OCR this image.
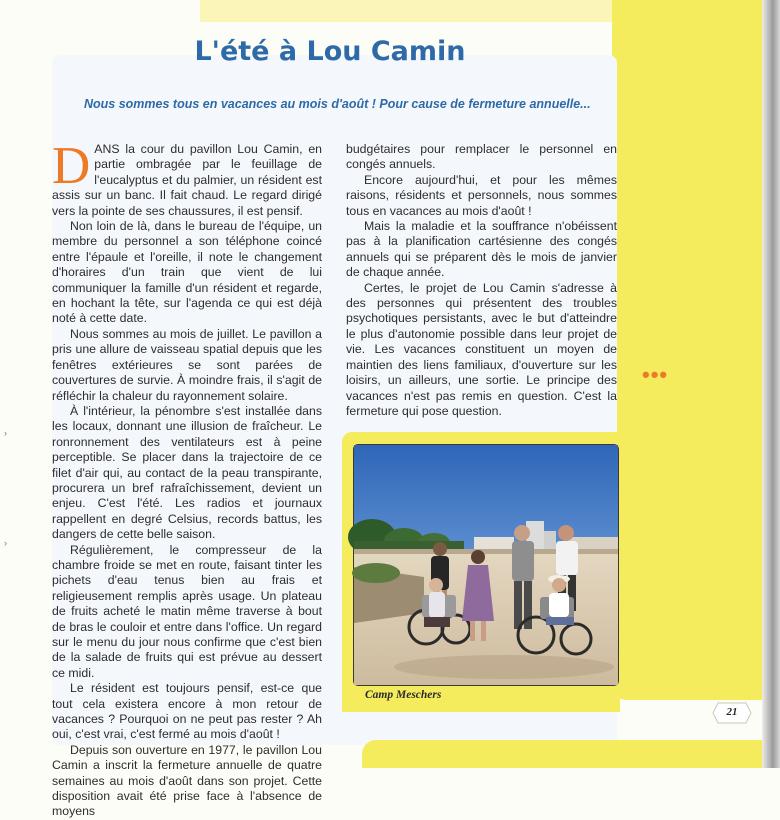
›
›
L'été à Lou Camin
Nous sommes tous en vacances au mois d'août ! Pour cause de fermeture annuelle...

DANS la cour du pavillon Lou Camin, en partie ombragée par le feuillage de l'eucalyptus et du palmier, un résident est assis sur un banc. Il fait chaud. Le regard dirigé vers la pointe de ses chaussures, il est pensif.

Non loin de là, dans le bureau de l'équipe, un membre du personnel a son téléphone coincé entre l'épaule et l'oreille, il note le changement d'horaires d'un train que vient de lui communiquer la famille d'un résident et regarde, en hochant la tête, sur l'agenda ce qui est déjà noté à cette date.

Nous sommes au mois de juillet. Le pavillon a pris une allure de vaisseau spatial depuis que les fenêtres extérieures se sont parées de couvertures de survie. À moindre frais, il s'agit de réfléchir la chaleur du rayonnement solaire.

À l'intérieur, la pénombre s'est installée dans les locaux, donnant une illusion de fraîcheur. Le ronronnement des ventilateurs est à peine perceptible. Se placer dans la trajectoire de ce filet d'air qui, au contact de la peau transpirante, procurera un bref rafraîchissement, devient un enjeu. C'est l'été. Les radios et journaux rappellent en degré Celsius, records battus, les dangers de cette belle saison.

Régulièrement, le compresseur de la chambre froide se met en route, faisant tinter les pichets d'eau tenus bien au frais et religieusement remplis après usage. Un plateau de fruits acheté le matin même traverse à bout de bras le couloir et entre dans l'office. Un regard sur le menu du jour nous confirme que c'est bien de la salade de fruits qui est prévue au dessert ce midi.

Le résident est toujours pensif, est-ce que tout cela existera encore à mon retour de vacances ? Pourquoi on ne peut pas rester ? Ah oui, c'est vrai, c'est fermé au mois d'août !

Depuis son ouverture en 1977, le pavillon Lou Camin a inscrit la fermeture annuelle de quatre semaines au mois d'août dans son projet. Cette disposition avait été prise face à l'absence de moyens

budgétaires pour remplacer le personnel en congés annuels.

Encore aujourd'hui, et pour les mêmes raisons, résidents et personnels, nous sommes tous en vacances au mois d'août !

Mais la maladie et la souffrance n'obéissent pas à la planification cartésienne des congés annuels qui se préparent dès le mois de janvier de chaque année.

Certes, le projet de Lou Camin s'adresse à des personnes qui présentent des troubles psychotiques persistants, avec le but d'atteindre le plus d'autonomie possible dans leur projet de vie. Les vacances constituent un moyen de maintien des liens familiaux, d'ouverture sur les loisirs, un ailleurs, une sortie. Le principe des vacances n'est pas remis en question. C'est la fermeture qui pose question.

•••
Camp Meschers
21
